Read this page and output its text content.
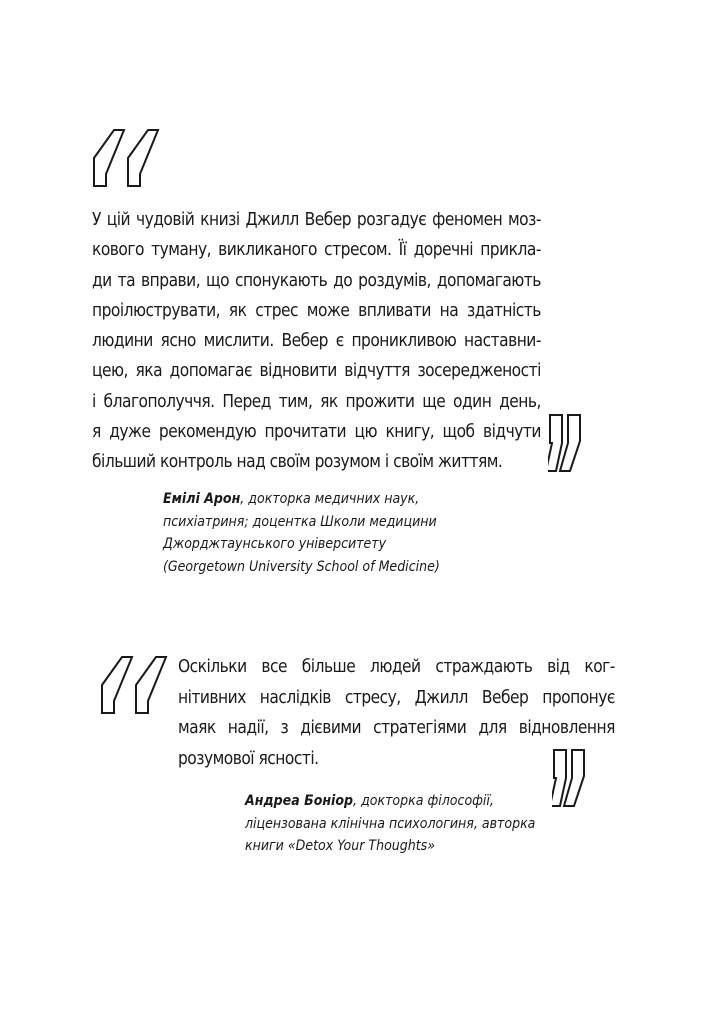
У цій чудовій книзі Джилл Вебер розгадує феномен моз-
кового туману, викликаного стресом. Її доречні прикла-
ди та вправи, що спонукають до роздумів, допомагають
проілюструвати, як стрес може впливати на здатність
людини ясно мислити. Вебер є проникливою наставни-
цею, яка допомагає відновити відчуття зосередженості
і благополуччя. Перед тим, як прожити ще один день,
я дуже рекомендую прочитати цю книгу, щоб відчути
більший контроль над своїм розумом і своїм життям.
Емілі Арон, докторка медичних наук,
психіатриня; доцентка Школи медицини
Джорджтаунського університету
(Georgetown University School of Medicine)
Оскільки все більше людей страждають від ког-
нітивних наслідків стресу, Джилл Вебер пропонує
маяк надії, з дієвими стратегіями для відновлення
розумової ясності.
Андреа Боніор, докторка філософії,
ліцензована клінічна психологиня, авторка
книги «Detox Your Thoughts»
